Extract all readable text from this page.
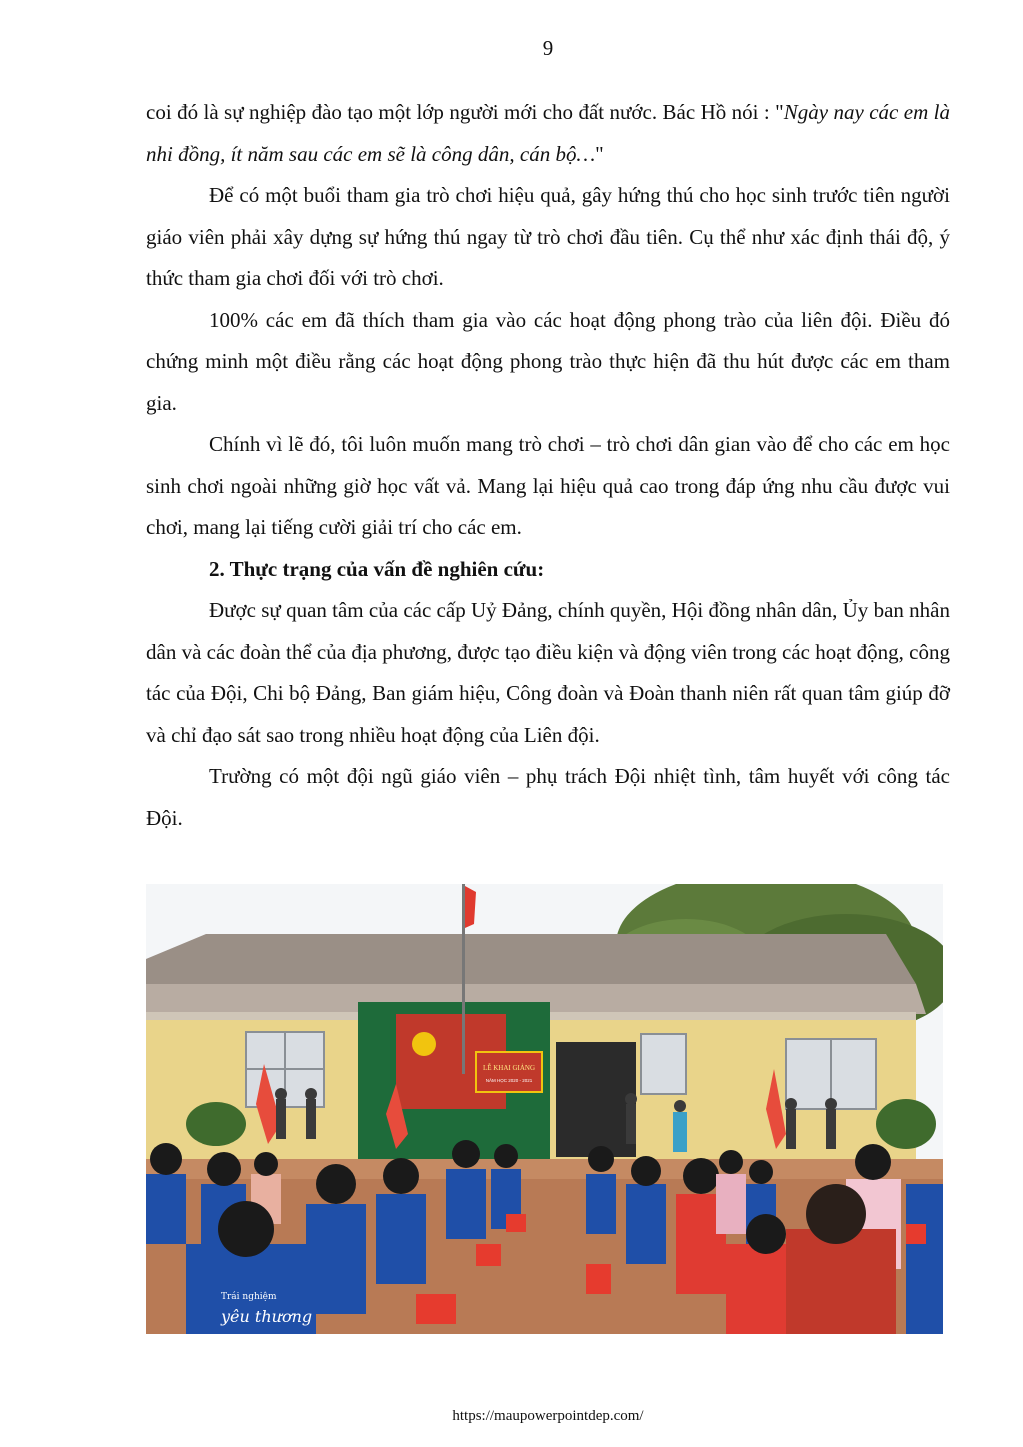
9

coi đó là sự nghiệp đào tạo một lớp người mới cho đất nước. Bác Hồ nói : "Ngày nay các em là nhi đồng, ít năm sau các em sẽ là công dân, cán bộ…"

Để có một buổi tham gia trò chơi hiệu quả, gây hứng thú cho học sinh trước tiên người giáo viên phải xây dựng sự hứng thú ngay từ trò chơi đầu tiên. Cụ thể như xác định thái độ, ý thức tham gia chơi đối với trò chơi.

100% các em đã thích tham gia vào các hoạt động phong trào của liên đội. Điều đó chứng minh một điều rằng các hoạt động phong trào thực hiện đã thu hút được các em tham gia.

Chính vì lẽ đó, tôi luôn muốn mang trò chơi – trò chơi dân gian vào để cho các em học sinh chơi ngoài những giờ học vất vả. Mang lại hiệu quả cao trong đáp ứng nhu cầu được vui chơi, mang lại tiếng cười giải trí cho các em.

2. Thực trạng của vấn đề nghiên cứu:

Được sự quan tâm của các cấp Uỷ Đảng, chính quyền, Hội đồng nhân dân, Ủy ban nhân dân và các đoàn thể của địa phương, được tạo điều kiện và động viên trong các hoạt động, công tác của Đội, Chi bộ Đảng, Ban giám hiệu, Công đoàn và Đoàn thanh niên rất quan tâm giúp đỡ và chỉ đạo sát sao trong nhiều hoạt động của Liên đội.

Trường có một đội ngũ giáo viên – phụ trách Đội nhiệt tình, tâm huyết với công tác Đội.

LỄ KHAI GIẢNG
NĂM HỌC 2020 - 2021
Trái nghiệm
yêu thương
https://maupowerpointdep.com/
